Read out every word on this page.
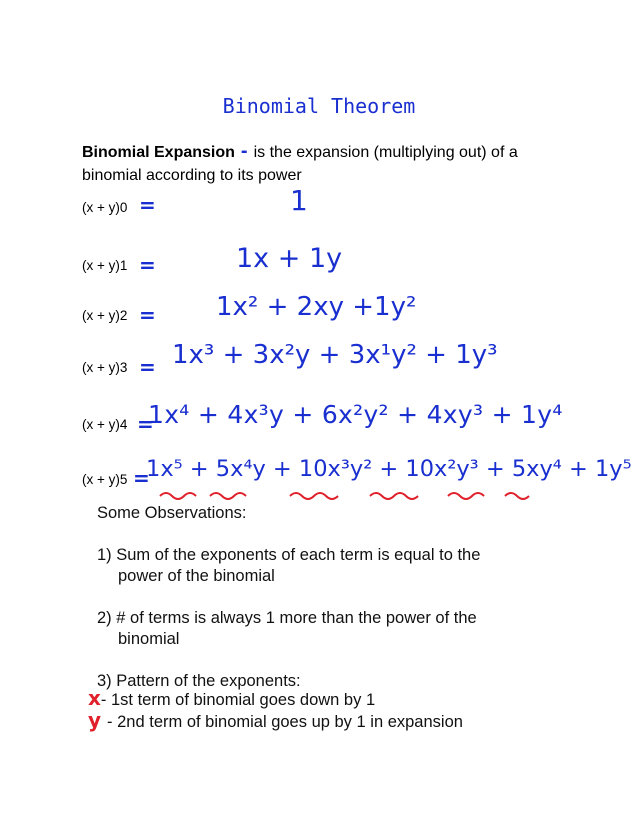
Binomial Theorem
Binomial Expansion - is the expansion (multiplying out) of a
binomial according to its power
(x + y)0 =	1
(x + y)1 =	1x + 1y
(x + y)2 = 1x² + 2xy +1y²
(x + y)3 = 1x³ + 3x²y + 3x¹y² + 1y³
(x + y)4 =
1x⁴ + 4x³y + 6x²y² + 4xy³ + 1y⁴
(x + y)5 =
1x⁵ + 5x⁴y + 10x³y² + 10x²y³ + 5xy⁴ + 1y⁵

Some Observations:

1) Sum of the exponents of each term is equal to the

power of the binomial

2) # of terms is always 1 more than the power of the

binomial

3) Pattern of the exponents:

x- 1st term of binomial goes down by 1
y - 2nd term of binomial goes up by 1 in expansion
